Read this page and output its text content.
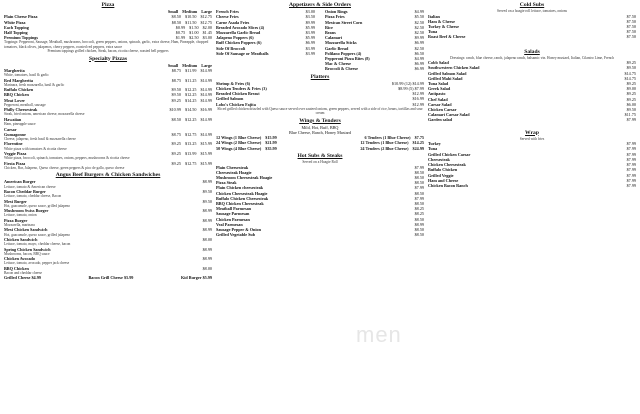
Pizza
Small Medium Large
Plain Cheese Pizza	$8.50 $10.50 $12.75
White Pizza	$8.50 $11.50 $12.75
Each Topping	$0.99 $1.50 $2.00
Half Topping	$0.75 $1.00 $1.45
Premium Toppings	$1.99 $2.50 $3.00
Toppings: Pepperoni, Sausage, Meatball, mushrooms, broccoli, green peppers, onions, spinach, garlic, extra cheese, Ham, Pineapple, chopped tomatoes, black olives, jalapenos, cherry peppers, roasted red peppers, extra sauce
Premium toppings grilled chicken, Steak, bacon, ricotta cheese, roasted bell peppers
Specialty Pizzas
Small Medium Large
Margherita	$8.75 $11.99 $14.99
White, tomatoes, basil & garlic
Red Margherita	$8.75 $11.25 $14.99
Marinara, fresh mozzarella, basil & garlic
Buffalo Chicken	$9.50 $12.25 $14.99
BBQ Chicken	$9.50 $12.25 $14.99
Meat Lover	$9.25 $14.25 $14.99
Pepperoni, meatball, sausage
Philly Cheesesteak	$10.99 $14.50 $16.99
Steak, fried onions, american cheese, mozzarella cheese
Hawaiian	$8.50 $12.25 $14.99
Ham, pineapple sauce
Caesar
Gumagonne	$8.75 $12.75 $14.99
Cheese, jalapeno, fresh basil & mozzarella cheese
Florentine	$9.25 $13.25 $15.99
White pizza with tomatoes & ricotta cheese
Veggie Pizza	$9.25 $13.99 $15.99
White pizza, broccoli, spinach, tomatoes, onions, peppers, mushrooms & ricotta cheese
Fiesta Pizza	$9.25 $12.75 $15.99
Chicken, Bar, Jalapeno, Queso cheese, green peppers & pico de gallo, queso cheese
Angus Beef Burgers & Chicken Sandwiches
American Burger	$8.99
Lettuce, tomato & American cheese
Bacon Cheddar Burger	$9.50
Lettuce, tomato, cheddar cheese, Bacon
Mexi Burger	$9.50
Hot, guacamole, queso sauce, grilled jalapeno
Mushroom Swiss Burger	$8.99
Lettuce, tomato, onion
Pizza Burger	$8.99
Mozzarella, marinara
Mexi Chicken Sandwich	$8.99
Hot, guacamole, queso sauce, grilled jalapeno
Chicken Sandwich	$8.00
Lettuce, tomato, mayo, cheddar cheese, bacon
Spring Chicken Sandwich	$8.99
Mushrooms, bacon, BBQ sauce
Chicken Avocado	$8.99
Lettuce, tomato, avocado, pepper jack cheese
BBQ Chicken	$8.00
Bacon and cheddar cheese
Grilled Cheese $4.99	Bacon Grill Cheese $5.99	Kid Burger $5.99
Appetizers & Side Orders
French Fries	$3.00
Cheese Fries	$3.50
Carne Asada Fries	$9.99
Breaded Avocado Slices (4)	$5.99
Mozzarella Garlic Bread	$3.99
Jalapeno Poppers (6)	$5.99
Buff Chicken Poppers (6)	$6.99
Side Of Broccoli	$3.99
Side Of Sausage or Meatballs	$3.99
Onion Rings	$4.99
Pizza Fries	$5.50
Mexican Street Corn	$2.50
Rice	$2.50
Beans	$2.50
Calamari	$9.99
Mozzarella Sticks	$6.99
Garlic Bread	$2.50
Polilano Poppers (4)	$6.50
Pepperoni Pizza Bites (8)	$4.99
Mac & Cheese	$6.99
Broccoli & Cheese	$6.99
Platters
Shrimp & Fries (6)	$10.99 (12) $14.99
Chicken Tenders & Fries (3)	$8.99 (5) $7.99
Breaded Chicken Breast	$12.99
Grilled Salmon	$16.99
Lobo's Chicken Fajita	$12.99
Sliced grilled chicken drizzled with Queso sauce served over sauteed onions, green peppers, served with a side of rice, beans, tortillas and sour cream
Wings & Tenders
Mild, Hot, Buff, BBQ
Blue Cheese, Ranch, Honey Mustard
12 Wings (1 Blue Cheese) $15.99	6 Tenders (1 Blue Cheese) $7.75
24 Wings (2 Blue Cheese) $21.99	12 Tenders (1 Blue Cheese) $14.25
50 Wings (4 Blue Cheese) $35.99	24 Tenders (2 Blue Cheese) $24.99
Hot Subs & Steaks
Served on a Hoagie Roll
Plain Cheesesteak	$7.99
Cheesesteak Hoagie	$8.50
Mushroom Cheesesteak Hoagie	$8.50
Pizza Steak	$8.50
Plain Chicken cheesesteak	$7.99
Chicken Cheesesteak Hoagie	$8.50
Buffalo Chicken Cheesesteak	$7.99
BBQ Chicken Cheesesteak	$8.50
Meatball Parmesan	$8.25
Sausage Parmesan	$8.25
Chicken Parmesan	$8.50
Veal Parmesan	$8.99
Sausage Pepper & Onion	$8.50
Grilled Vegetable Sub	$8.50
Cold Subs
Served on a hoagie roll lettuce, tomatoes, onions
Italian	$7.50
Ham & Cheese	$7.50
Turkey & Cheese	$7.50
Tuna	$7.50
Roast Beef & Cheese	$7.50
Salads
Dressings: ranch, blue cheese, ranch, jalapeno ranch, balsamic vin. Honey mustard, Italian, Cilantro Lime, French
Cobb Salad	$9.25
Southwestern Chicken Salad	$9.50
Grilled Salmon Salad	$14.75
Grilled Mahi Salad	$14.75
Tuna Salad	$9.25
Greek Salad	$9.00
Antipasto	$9.25
Chef Salad	$9.25
Caesar Salad	$6.00
Chicken Caesar	$9.50
Calamari Caesar Salad	$11.75
Garden salad	$7.99
Wrap
Served with fries
Turkey	$7.99
Tuna	$7.99
Grilled Chicken Caesar	$7.99
Cheesesteak	$7.99
Chicken Cheesesteak	$7.99
Buffalo Chicken	$7.99
Grilled Veggie	$7.99
Ham and Cheese	$7.99
Chicken Bacon Ranch	$7.99
men
